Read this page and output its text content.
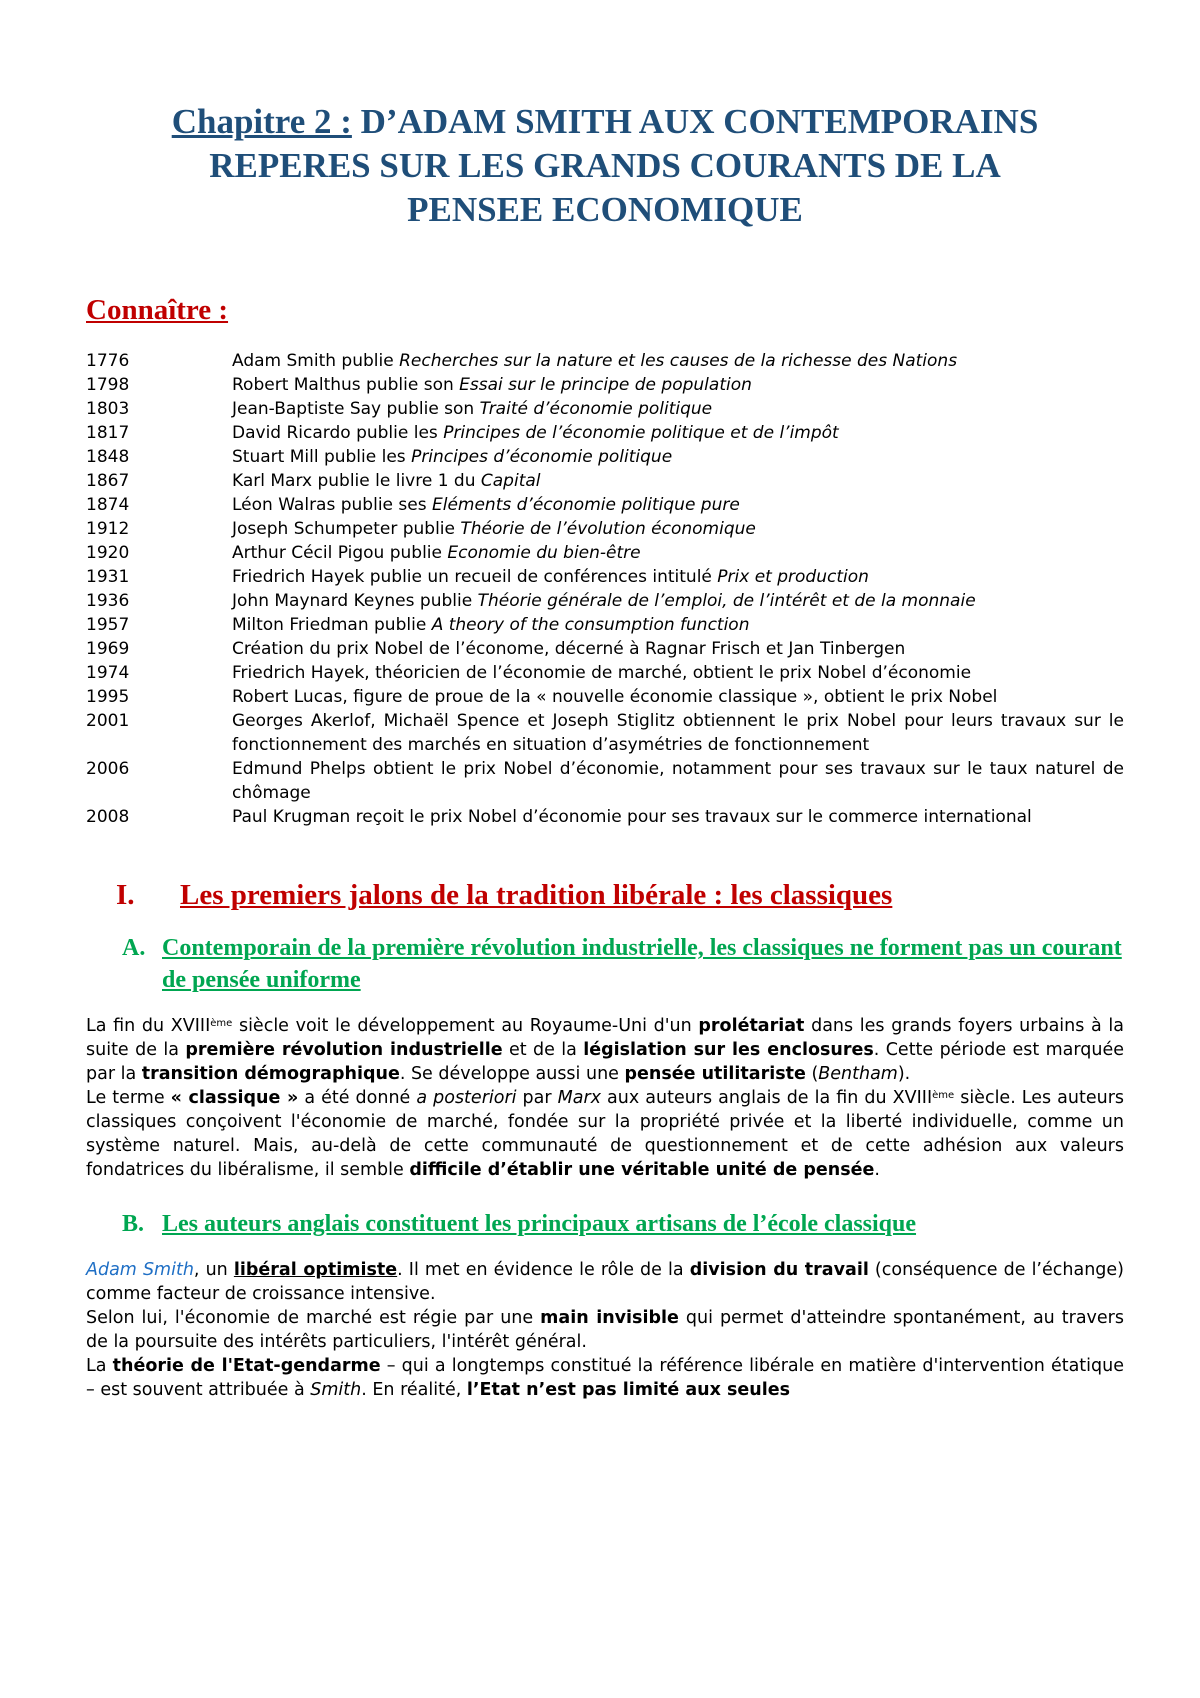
Chapitre 2 : D’ADAM SMITH AUX CONTEMPORAINS
REPERES SUR LES GRANDS COURANTS DE LA
PENSEE ECONOMIQUE
Connaître :
1776	Adam Smith publie Recherches sur la nature et les causes de la richesse des Nations
1798	Robert Malthus publie son Essai sur le principe de population
1803	Jean-Baptiste Say publie son Traité d’économie politique
1817	David Ricardo publie les Principes de l’économie politique et de l’impôt
1848	Stuart Mill publie les Principes d’économie politique
1867	Karl Marx publie le livre 1 du Capital
1874	Léon Walras publie ses Eléments d’économie politique pure
1912	Joseph Schumpeter publie Théorie de l’évolution économique
1920	Arthur Cécil Pigou publie Economie du bien-être
1931	Friedrich Hayek publie un recueil de conférences intitulé Prix et production
1936	John Maynard Keynes publie Théorie générale de l’emploi, de l’intérêt et de la monnaie
1957	Milton Friedman publie A theory of the consumption function
1969	Création du prix Nobel de l’économe, décerné à Ragnar Frisch et Jan Tinbergen
1974	Friedrich Hayek, théoricien de l’économie de marché, obtient le prix Nobel d’économie
1995	Robert Lucas, figure de proue de la « nouvelle économie classique », obtient le prix Nobel
2001	Georges Akerlof, Michaël Spence et Joseph Stiglitz obtiennent le prix Nobel pour leurs travaux sur le fonctionnement des marchés en situation d’asymétries de fonctionnement
2006	Edmund Phelps obtient le prix Nobel d’économie, notamment pour ses travaux sur le taux naturel de chômage
2008	Paul Krugman reçoit le prix Nobel d’économie pour ses travaux sur le commerce international
I.	Les premiers jalons de la tradition libérale : les classiques
A. Contemporain de la première révolution industrielle, les classiques ne forment pas un courant de pensée uniforme

La fin du XVIIIème siècle voit le développement au Royaume-Uni d'un prolétariat dans les grands foyers urbains à la suite de la première révolution industrielle et de la législation sur les enclosures. Cette période est marquée par la transition démographique. Se développe aussi une pensée utilitariste (Bentham).

Le terme « classique » a été donné a posteriori par Marx aux auteurs anglais de la fin du XVIIIème siècle. Les auteurs classiques conçoivent l'économie de marché, fondée sur la propriété privée et la liberté individuelle, comme un système naturel. Mais, au-delà de cette communauté de questionnement et de cette adhésion aux valeurs fondatrices du libéralisme, il semble difficile d’établir une véritable unité de pensée.

B. Les auteurs anglais constituent les principaux artisans de l’école classique

Adam Smith, un libéral optimiste. Il met en évidence le rôle de la division du travail (conséquence de l’échange) comme facteur de croissance intensive.

Selon lui, l'économie de marché est régie par une main invisible qui permet d'atteindre spontanément, au travers de la poursuite des intérêts particuliers, l'intérêt général.

La théorie de l'Etat-gendarme – qui a longtemps constitué la référence libérale en matière d'intervention étatique – est souvent attribuée à Smith. En réalité, l’Etat n’est pas limité aux seules
